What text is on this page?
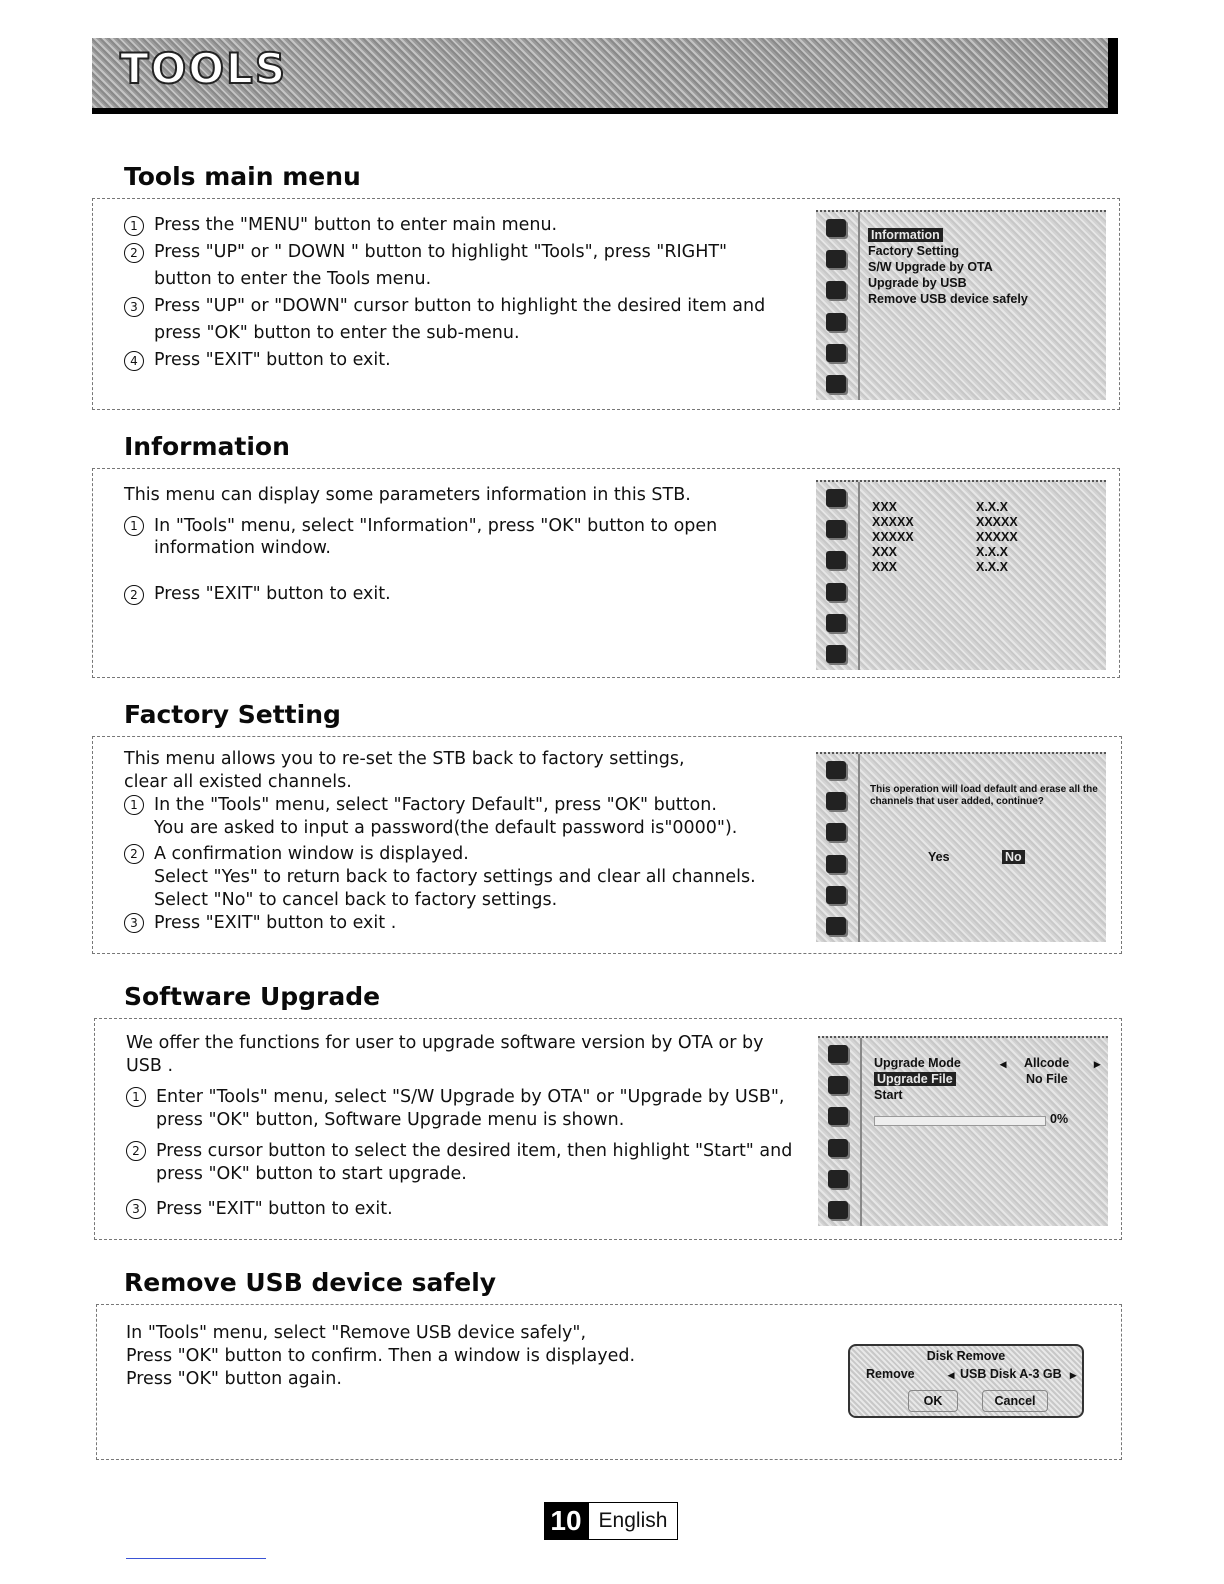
TOOLS
Tools main menu
1 Press the "MENU" button to enter main menu.
2 Press "UP" or " DOWN " button to highlight "Tools", press "RIGHT" button to enter the Tools menu.
3 Press "UP" or "DOWN" cursor button to highlight the desired item and press "OK" button to enter the sub-menu.
4 Press "EXIT" button to exit.
Information
Factory Setting
S/W Upgrade by OTA
Upgrade by USB
Remove USB device safely
Information
This menu can display some parameters information in this STB.
1 In "Tools" menu, select "Information", press "OK" button to open information window.
2 Press "EXIT" button to exit.
XXX	X.X.X
XXXXX	XXXXX
XXXXX	XXXXX
XXX	X.X.X
XXX	X.X.X
Factory Setting
This menu allows you to re-set the STB back to factory settings,
clear all existed channels.
1 In the "Tools" menu, select "Factory Default", press "OK" button.
You are asked to input a password(the default password is"0000").
2 A confirmation window is displayed.
Select "Yes" to return back to factory settings and clear all channels.
Select "No" to cancel back to factory settings.
3 Press "EXIT" button to exit .
This operation will load default and erase all the channels that user added, continue?
Yes	No
Software Upgrade
We offer the functions for user to upgrade software version by OTA or by USB .
1 Enter "Tools" menu, select "S/W Upgrade by OTA" or "Upgrade by USB", press "OK" button, Software Upgrade menu is shown.
2 Press cursor button to select the desired item, then highlight "Start" and press "OK" button to start upgrade.
3 Press "EXIT" button to exit.
Upgrade Mode	◂ Allcode ▸
Upgrade File	No File
Start
0%
Remove USB device safely
In "Tools" menu, select "Remove USB device safely",
Press "OK" button to confirm. Then a window is displayed.
Press "OK" button again.
Disk Remove
Remove	◂ USB Disk A-3 GB ▸
OK	Cancel
10 English
